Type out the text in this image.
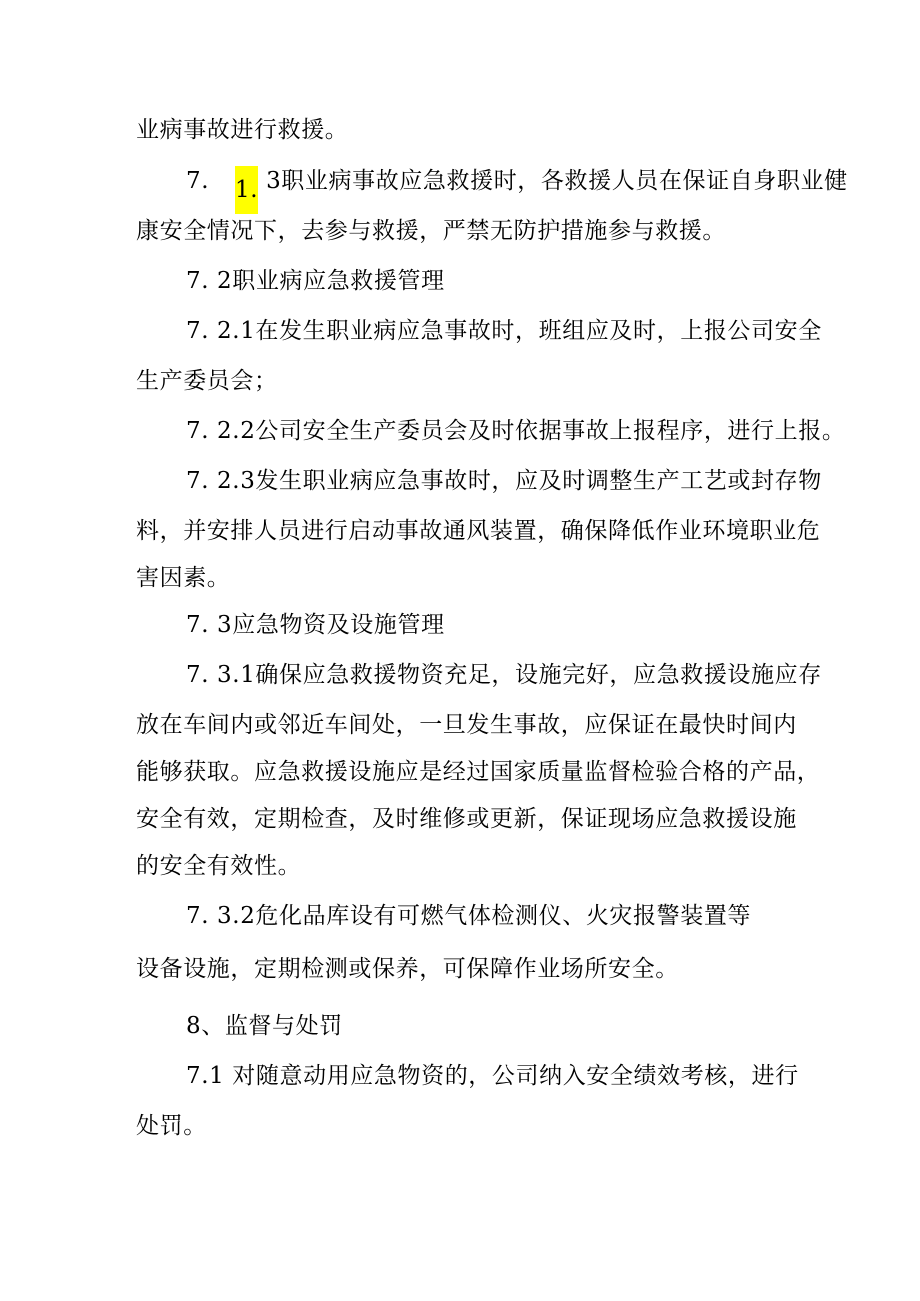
业病事故进行救援。
7. 1. 3职业病事故应急救援时，各救援人员在保证自身职业健
康安全情况下，去参与救援，严禁无防护措施参与救援。
7. 2职业病应急救援管理
7. 2.1在发生职业病应急事故时，班组应及时，上报公司安全
生产委员会；
7. 2.2公司安全生产委员会及时依据事故上报程序，进行上报。
7. 2.3发生职业病应急事故时，应及时调整生产工艺或封存物
料，并安排人员进行启动事故通风装置，确保降低作业环境职业危
害因素。
7. 3应急物资及设施管理
7. 3.1确保应急救援物资充足，设施完好，应急救援设施应存
放在车间内或邻近车间处，一旦发生事故，应保证在最快时间内
能够获取。应急救援设施应是经过国家质量监督检验合格的产品，
安全有效，定期检查，及时维修或更新，保证现场应急救援设施
的安全有效性。
7. 3.2危化品库设有可燃气体检测仪、火灾报警装置等
设备设施，定期检测或保养，可保障作业场所安全。
8、监督与处罚
7.1 对随意动用应急物资的，公司纳入安全绩效考核，进行
处罚。
